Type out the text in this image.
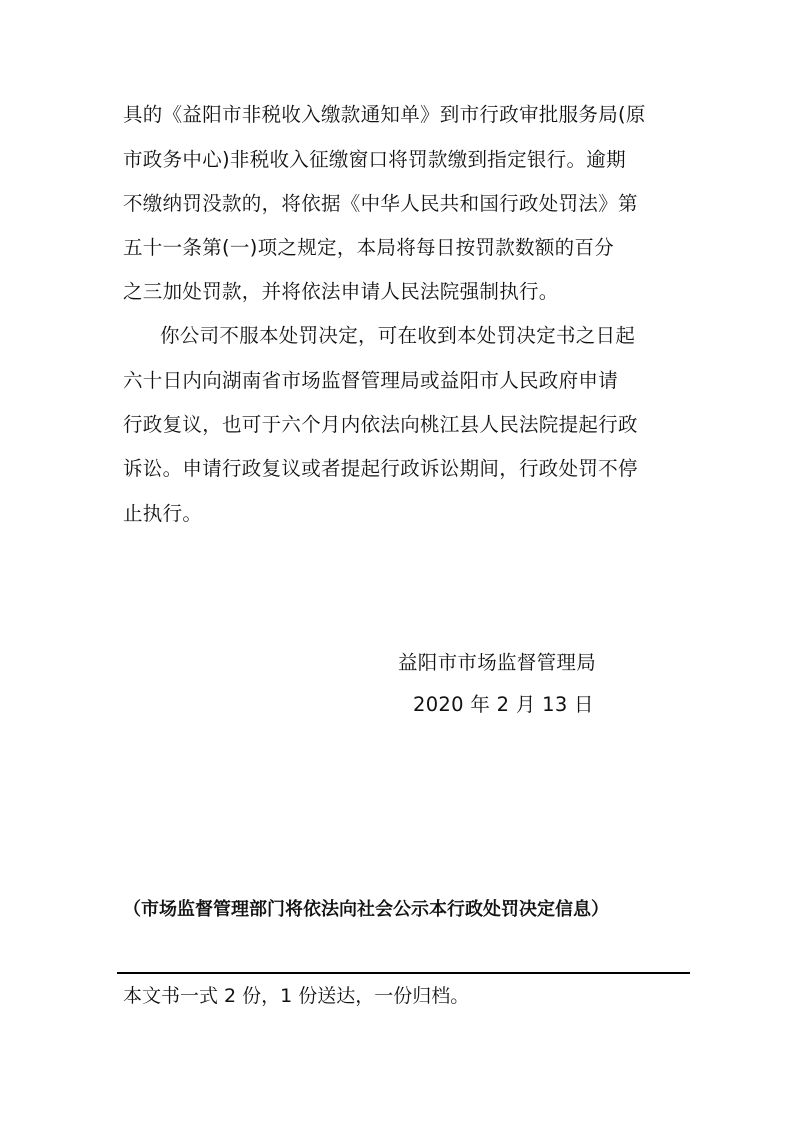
具的《益阳市非税收入缴款通知单》到市行政审批服务局(原
市政务中心)非税收入征缴窗口将罚款缴到指定银行。逾期
不缴纳罚没款的，将依据《中华人民共和国行政处罚法》第
五十一条第(一)项之规定，本局将每日按罚款数额的百分
之三加处罚款，并将依法申请人民法院强制执行。
你公司不服本处罚决定，可在收到本处罚决定书之日起
六十日内向湖南省市场监督管理局或益阳市人民政府申请
行政复议，也可于六个月内依法向桃江县人民法院提起行政
诉讼。申请行政复议或者提起行政诉讼期间，行政处罚不停
止执行。
益阳市市场监督管理局
2020 年 2 月 13 日
（市场监督管理部门将依法向社会公示本行政处罚决定信息）
本文书一式 2 份，1 份送达，一份归档。
